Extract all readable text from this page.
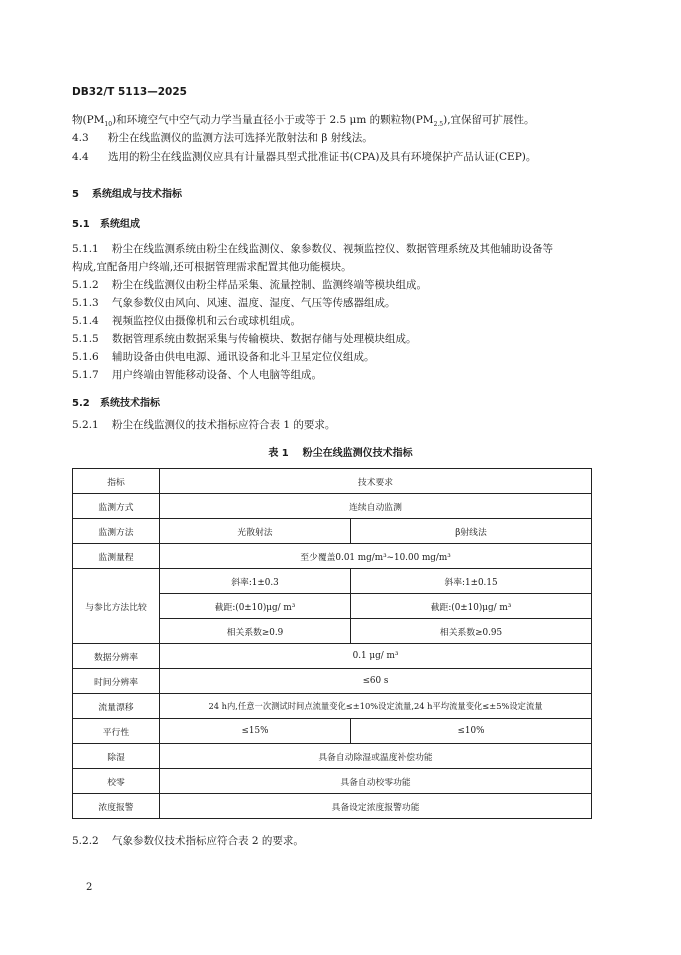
DB32/T 5113—2025
物$(PM_{10})$和环境空气中空气动力学当量直径小于或等于 2.5 μm 的颗粒物$(PM_{2.5})$,宜保留可扩展性。
4.3 粉尘在线监测仪的监测方法可选择光散射法和 β 射线法。
4.4 选用的粉尘在线监测仪应具有计量器具型式批准证书(CPA)及具有环境保护产品认证(CEP)。
5 系统组成与技术指标
5.1 系统组成
5.1.1 粉尘在线监测系统由粉尘在线监测仪、象参数仪、视频监控仪、数据管理系统及其他辅助设备等
构成,宜配备用户终端,还可根据管理需求配置其他功能模块。
5.1.2 粉尘在线监测仪由粉尘样品采集、流量控制、监测终端等模块组成。
5.1.3 气象参数仪由风向、风速、温度、湿度、气压等传感器组成。
5.1.4 视频监控仪由摄像机和云台或球机组成。
5.1.5 数据管理系统由数据采集与传输模块、数据存储与处理模块组成。
5.1.6 辅助设备由供电电源、通讯设备和北斗卫星定位仪组成。
5.1.7 用户终端由智能移动设备、个人电脑等组成。
5.2 系统技术指标
5.2.1 粉尘在线监测仪的技术指标应符合表 1 的要求。
表 1    粉尘在线监测仪技术指标
指标	技术要求	
监测方式	连续自动监测	
监测方法	光散射法	β射线法
监测量程	至少覆盖0.01 mg/m³~10.00 mg/m³	
与参比方法比较	斜率:1±0.3	斜率:1±0.15
	截距:(0±10)μg/ m³	截距:(0±10)μg/ m³
	相关系数≥0.9	相关系数≥0.95
数据分辨率	0.1 μg/ m³	
时间分辨率	≤60 s	
流量漂移	24 h内,任意一次测试时间点流量变化≤±10%设定流量,24 h平均流量变化≤±5%设定流量	
平行性	≤15%	≤10%
除湿	具备自动除湿或温度补偿功能	
校零	具备自动校零功能	
浓度报警	具备设定浓度报警功能	
5.2.2 气象参数仪技术指标应符合表 2 的要求。
2
